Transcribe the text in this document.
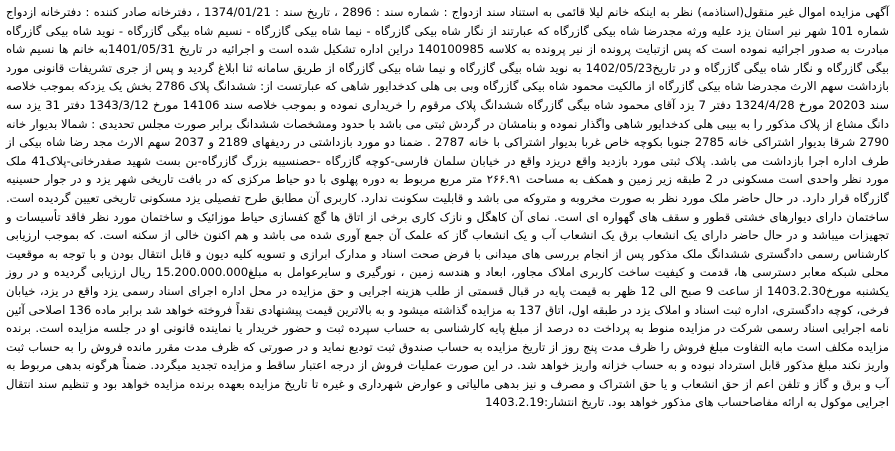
آگهی مزایده اموال غیر منقول(اسناذمه) نظر به اینکه خانم لیلا قائمی به استناد سند ازدواج : شماره سند : 2896 ، تاریخ سند : 1374/01/21 ، دفترخانه صادر کننده : دفترخانه ازدواج شماره 101 شهر نیر استان یزد علیه ورثه مجدرضا شاه بیکی گازرگاه که عبارتند از نگار شاه بیکی گازرگاه - نیما شاه بیکی گازرگاه - نسیم شاه بیگی گازرگاه - نوید شاه بیکی گازرگاه مبادرت به صدور اجرائیه نموده است که پس ازتبایت پرونده از نیر پرونده به کلاسه 140100985 دراین اداره تشکیل شده است و اجرائیه در تاریخ 1401/05/31به خانم ها نسیم شاه بیگی گازرگاه و نگار شاه بیگی گازرگاه و در تاریخ1402/05/23 به نوید شاه بیگی گازرگاه و نیما شاه بیکی گازرگاه از طریق سامانه ثنا ابلاغ گردید و پس از جری تشریفات قانونی مورد بازداشت سهم الارث مجدرضا شاه بیکی گازرگاه از مالکیت محمود شاه بیکی گازرگاه وبی بی هلی کدخدایور شاهی که عبارتست از: ششدانگ پلاک 2786 بخش یک یزدکه بموجب خلاصه سند 20203 مورخ 1324/4/28 دفتر 7 یزد آقای محمود شاه بیگی گازرگاه ششدانگ پلاک مرقوم را خریداری نموده و بموجب خلاصه سند 14106 مورخ 1343/3/12 دفتر 31 یزد سه دانگ مشاع از پلاک مذکور را به بیبی هلی کدخدایور شاهی واگذار نموده و بنامشان در گردش ثبتی می باشد با حدود ومشخصات ششدانگ برابر صورت مجلس تحدیدی : شمالا بدیوار خانه 2790 شرقا بدیوار اشتراکی خانه 2785 جنوبا بکوچه خاص غربا بدیوار اشتراکی با خانه 2787 . ضمنا دو مورد بازداشتی در ردیفهای 2189 و 2037 سهم الارث مجد رضا شاه بیکی از طرف اداره اجرا بازداشت می باشد. پلاک ثبتی مورد بازدید واقع دریزد واقع در خیابان سلمان فارسی-کوچه گازرگاه -حصنسیبه بزرگ گازرگاه-بن بست شهید صفدرخانی-پلاک41 ملک مورد نظر واحدی است مسکونی در 2 طبقه زیر زمین و همکف به مساحت ۲۶۶.۹۱ متر مربع مربوط به دوره پهلوی با دو حیاط مرکزی که در بافت تاریخی شهر یزد و در جوار حسینیه گازرگاه قرار دارد. در حال حاضر ملک مورد نظر به صورت مخروبه و متروکه می باشد و قابلیت سکونت ندارد. کاربری آن مطابق طرح تفصیلی یزد مسکونی تاریخی تعیین گردیده است. ساختمان دارای دیوارهای خشتی قطور و سقف های گهواره ای است. نمای آن کاهگل و نازک کاری برخی از اتاق ها گچ کفسازی حیاط موزائیک و ساختمان مورد نظر فاقد تأسیسات و تجهیزات میباشد و در حال حاضر دارای یک انشعاب برق یک انشعاب آب و یک انشعاب گاز که علمک آن جمع آوری شده می باشد و هم اکنون خالی از سکنه است. که بموجب ارزیابی کارشناس رسمی دادگستری ششدانگ ملک مذکور پس از انجام بررسی های میدانی با فرض صحت اسناد و مدارک ابرازی و تسویه کلیه دیون و قابل انتقال بودن و با توجه به موقعیت محلی شبکه معابر دسترسی ها، قدمت و کیفیت ساخت کاربری املاک مجاور، ابعاد و هندسه زمین ، نورگیری و سایرعوامل به مبلغ15.200.000.000 ریال ارزیابی گردیده و در روز یکشنبه مورخ1403.2.30 از ساعت 9 صبح الی 12 ظهر به قیمت پایه در قبال قسمتی از طلب هزینه اجرایی و حق مزایده در محل اداره اجرای اسناد رسمی یزد واقع در یزد، خیابان فرخی، کوچه دادگستری، اداره ثبت اسناد و املاک یزد در طبقه اول، اتاق 137 به مزایده گذاشته میشود و به بالاترین قیمت پیشنهادی نقداً فروخته خواهد شد برابر ماده 136 اصلاحی آئین نامه اجرایی اسناد رسمی شرکت در مزایده منوط به پرداخت ده درصد از مبلغ پایه کارشناسی به حساب سپرده ثبت و حضور خریدار یا نماینده قانونی او در جلسه مزایده است. برنده مزایده مکلف است مابه التفاوت مبلغ فروش را ظرف مدت پنج روز از تاریخ مزایده به حساب صندوق ثبت تودیع نماید و در صورتی که ظرف مدت مقرر مانده فروش را به حساب ثبت واریز نکند مبلغ مذکور قابل استرداد نبوده و به حساب خزانه واریز خواهد شد. در این صورت عملیات فروش از درجه اعتبار ساقط و مزایده تجدید میگردد. ضمناً هرگونه بدهی مربوط به آب و برق و گاز و تلفن اعم از حق انشعاب و یا حق اشتراک و مصرف و نیز بدهی مالیاتی و عوارض شهرداری و غیره تا تاریخ مزایده بعهده برنده مزایده خواهد بود و تنظیم سند انتقال اجرایی موکول به ارائه مفاصاحساب های مذکور خواهد بود. تاریخ انتشار:1403.2.19
